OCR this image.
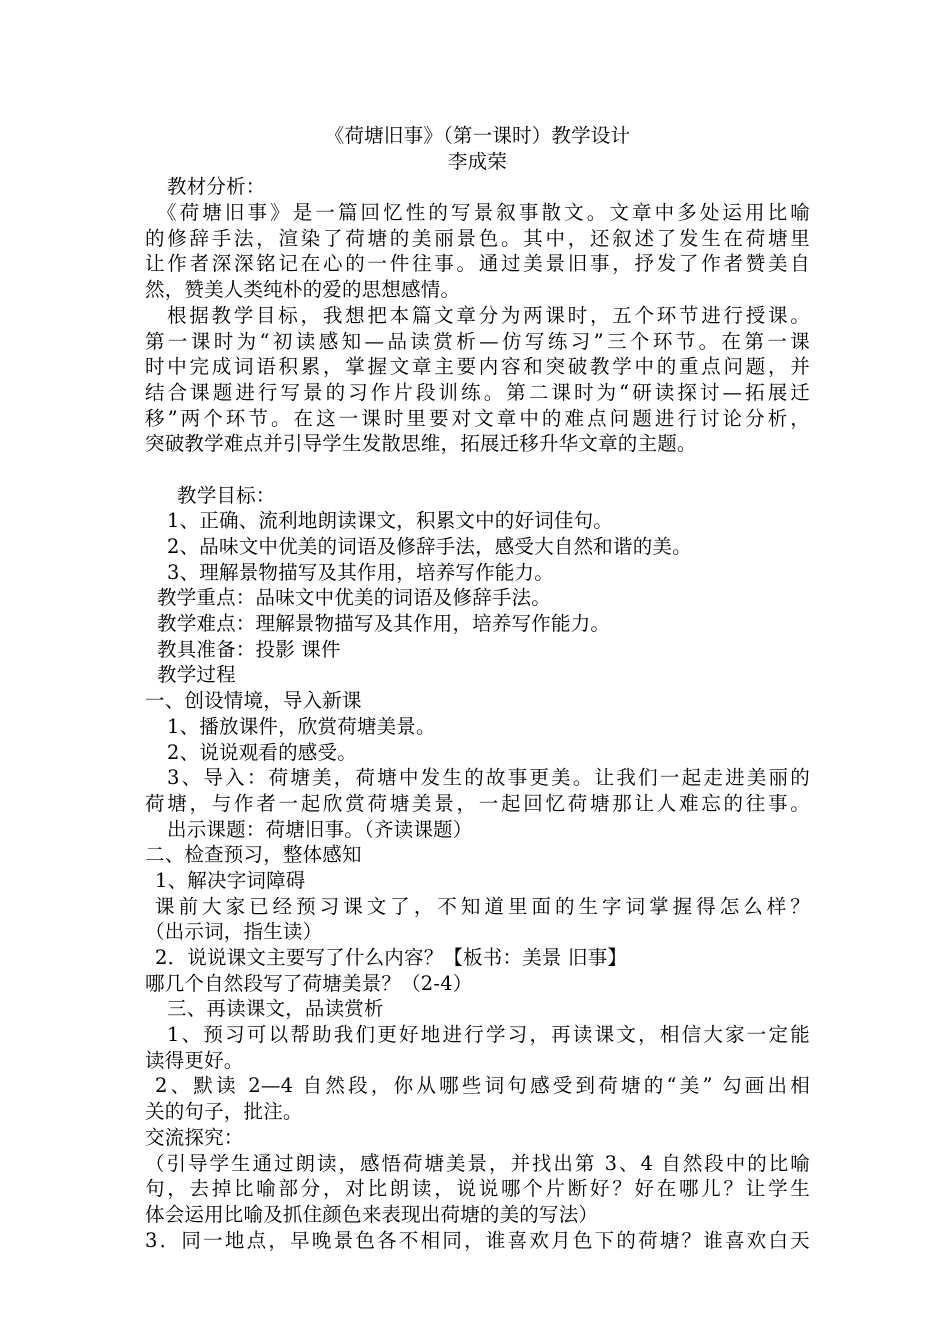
《荷塘旧事》（第一课时）教学设计
李成荣
教材分析：
《荷塘旧事》是一篇回忆性的写景叙事散文。文章中多处运用比喻
的修辞手法，渲染了荷塘的美丽景色。其中，还叙述了发生在荷塘里
让作者深深铭记在心的一件往事。通过美景旧事，抒发了作者赞美自
然，赞美人类纯朴的爱的思想感情。
根据教学目标，我想把本篇文章分为两课时，五个环节进行授课。
第一课时为“初读感知—品读赏析—仿写练习”三个环节。在第一课
时中完成词语积累，掌握文章主要内容和突破教学中的重点问题，并
结合课题进行写景的习作片段训练。第二课时为“研读探讨—拓展迁
移”两个环节。在这一课时里要对文章中的难点问题进行讨论分析，
突破教学难点并引导学生发散思维，拓展迁移升华文章的主题。
教学目标：
1、正确、流利地朗读课文，积累文中的好词佳句。
2、品味文中优美的词语及修辞手法，感受大自然和谐的美。
3、理解景物描写及其作用，培养写作能力。
教学重点：品味文中优美的词语及修辞手法。
教学难点：理解景物描写及其作用，培养写作能力。
教具准备：投影 课件
教学过程
一、创设情境，导入新课
1、播放课件，欣赏荷塘美景。
2、说说观看的感受。
3、导入：荷塘美，荷塘中发生的故事更美。让我们一起走进美丽的
荷塘，与作者一起欣赏荷塘美景，一起回忆荷塘那让人难忘的往事。
出示课题：荷塘旧事。（齐读课题）
二、检查预习，整体感知
1、解决字词障碍
课前大家已经预习课文了，不知道里面的生字词掌握得怎么样？
（出示词，指生读）
2．说说课文主要写了什么内容？【板书：美景 旧事】
哪几个自然段写了荷塘美景？（2-4）
三、再读课文，品读赏析
1、预习可以帮助我们更好地进行学习，再读课文，相信大家一定能
读得更好。
2、默读 2—4 自然段，你从哪些词句感受到荷塘的“美” 勾画出相
关的句子，批注。
交流探究：
（引导学生通过朗读，感悟荷塘美景，并找出第 3、4 自然段中的比喻
句，去掉比喻部分，对比朗读，说说哪个片断好？好在哪儿？让学生
体会运用比喻及抓住颜色来表现出荷塘的美的写法）
3．同一地点，早晚景色各不相同，谁喜欢月色下的荷塘？谁喜欢白天
